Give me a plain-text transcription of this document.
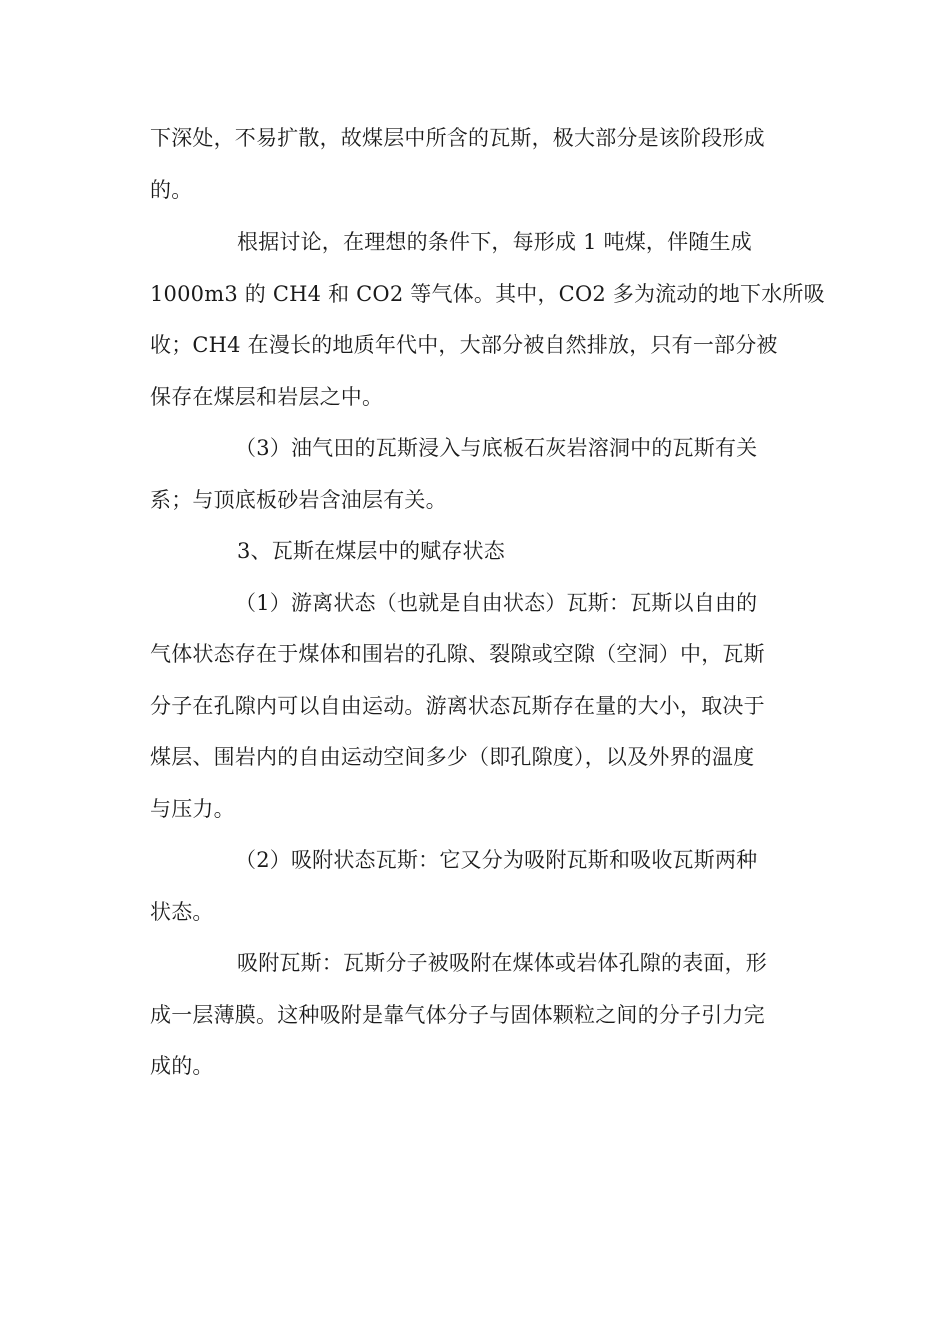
下深处，不易扩散，故煤层中所含的瓦斯，极大部分是该阶段形成
的。
根据讨论，在理想的条件下，每形成 1 吨煤，伴随生成
1000m3 的 CH4 和 CO2 等气体。其中，CO2 多为流动的地下水所吸
收；CH4 在漫长的地质年代中，大部分被自然排放，只有一部分被
保存在煤层和岩层之中。
（3）油气田的瓦斯浸入与底板石灰岩溶洞中的瓦斯有关
系；与顶底板砂岩含油层有关。
3、瓦斯在煤层中的赋存状态
（1）游离状态（也就是自由状态）瓦斯：瓦斯以自由的
气体状态存在于煤体和围岩的孔隙、裂隙或空隙（空洞）中，瓦斯
分子在孔隙内可以自由运动。游离状态瓦斯存在量的大小，取决于
煤层、围岩内的自由运动空间多少（即孔隙度），以及外界的温度
与压力。
（2）吸附状态瓦斯：它又分为吸附瓦斯和吸收瓦斯两种
状态。
吸附瓦斯：瓦斯分子被吸附在煤体或岩体孔隙的表面，形
成一层薄膜。这种吸附是靠气体分子与固体颗粒之间的分子引力完
成的。
